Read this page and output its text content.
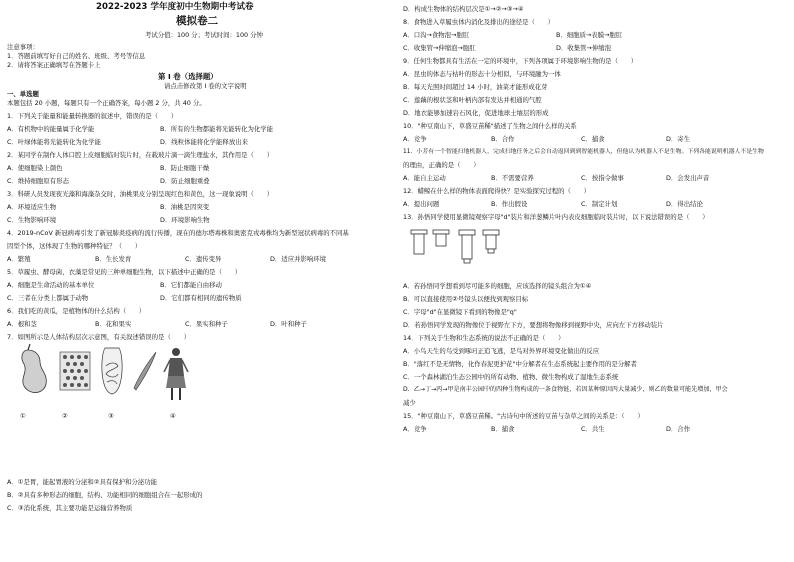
2022-2023 学年度初中生物期中考试卷
模拟卷二
考试分值：100 分；考试时间：100 分钟
注意事项：
1．答题前填写好自己的姓名、班级、考号等信息
2．请将答案正确填写在答题卡上
第 I 卷（选择题）
请点击修改第 I 卷的文字说明
一、单选题
本题包括 20 小题，每题只有一个正确答案，每小题 2 分，共 40 分。
1．下列关于能量和能量转换器的叙述中，错误的是（　　）
A．有机物中的能量属于化学能	B．所有的生物都能将光能转化为化学能
C．叶绿体能将光能转化为化学能	D．线粒体能将化学能释放出来
2．某同学在制作人体口腔上皮细胞临时装片时，在载玻片滴一滴生理盐水，其作用是（　　）
A．使细胞染上颜色	B．防止细胞干燥
C．维持细胞原有形态	D．防止细胞重叠
3．科研人员发现夜光藻和海藻杂交时，油桃果皮分别呈现红色和黄色，这一现象说明（　　）
A．环境适应生物	B．油桃是因突变
C．生物影响环境	D．环境影响生物
4．2019-nCoV 新冠病毒引发了新冠肺炎疫病的流行传播，现在的德尔塔毒株和奥密克戎毒株均为新型冠状病毒的不同基
因型个体，这体现了生物的哪种特征？（　　）
A．繁殖	B．生长发育	C．遗传变异	D．适应并影响环境
5．草履虫、酵母菌、衣藻是常见的三种单细胞生物，以下描述中正确的是（　　）
A．细胞是生命活动的基本单位	B．它们都能自由移动
C．三者在分类上都属于动物	D．它们都有相同的遗传物质
6．我们吃的黄瓜，是植物体的什么结构（　　）
A．根和茎	B．花和果实	C．果实和种子	D．叶和种子
7．如图所示是人体结构层次示意图，有关叙述错误的是（　　）
①	②	③	④
A．①是胃，能起胃液的分泌和②具有保护和分泌功能
B．②具有多种形态的细胞，结构、功能相同的细胞组合在一起形成的
C．③消化系统，其主要功能是运输营养物质
D．构成生物体的结构层次是①→②→③→④
8．食物进入草履虫体内消化及排出的途径是（　　）
A．口沟→食物泡→胞肛	B．细胞质→表膜→胞肛
C．收集管→伸缩泡→胞肛	D．收集管→伸缩泡
9．任何生物都具有生活在一定的环境中，下列各项属于环境影响生物的是（　　）
A．昆虫的体态与枯叶的形态十分相似，与环境融为一体
B．每天光照时间超过 14 小时，油菜才能形成花芽
C．莲藕的根状茎和叶柄内部有发达并相通的气腔
D．地衣能够加速岩石风化，促进地球土壤层的形成
10．"种豆南山下，草盛豆苗稀"描述了生物之间什么样的关系
A．竞争	B．合作	C．捕食	D．寄生
11．小芳有一个智能扫地机器人，完成扫地任务之后会自动返回到到智能机器人，但他认为机器人不是生物。下列各能说明机器人不是生物
的理由，正确的是（　　）
A．能自主运动	B．不需要营养	C．按指令做事	D．会发出声音
12．蜡鲸在什么样的物体表面爬得快？是实验探究过程的（　　）
A．提出问题	B．作出假设	C．制定计划	D．得出结论
13．孙悟同学使用显微镜观察字母"d"装片和洋葱鳞片叶内表皮细胞临时装片时，以下说法错误的是（　　）
A．若孙悟同学想看到尽可能多的细胞，应该选择的镜头组合为①④
B．可以直接使用②号镜头以便找到观察目标
C．字母"d"在显微镜下看到的物像是"q"
D．若孙悟同学发现的物像位于视野左下方，要想将物像移到视野中央，应向左下方移动装片
14．下列关于生物和生态系统的说法不正确的是（　　）
A．小鸟天生的鸟受到啄叼正追飞逃，是鸟对外界环境变化做出的反应
B．"落红不是无情物，化作春泥更护花"中分解者在生态系统起主要作用的是分解者
C．一个森林湖泊生态公园中的所有动物、植物、微生物构成了湿地生态系统
D．乙→丁→丙→甲是南丰公园中的四种生物构成的一条食物链，若因某种原因丙大量减少，则乙的数量可能先增加，甲会
减少
15．"种豆南山下，草盛豆苗稀。"古诗句中所述的豆苗与杂草之间的关系是：（　　）
A．竞争	B．捕食	C．共生	D．合作
